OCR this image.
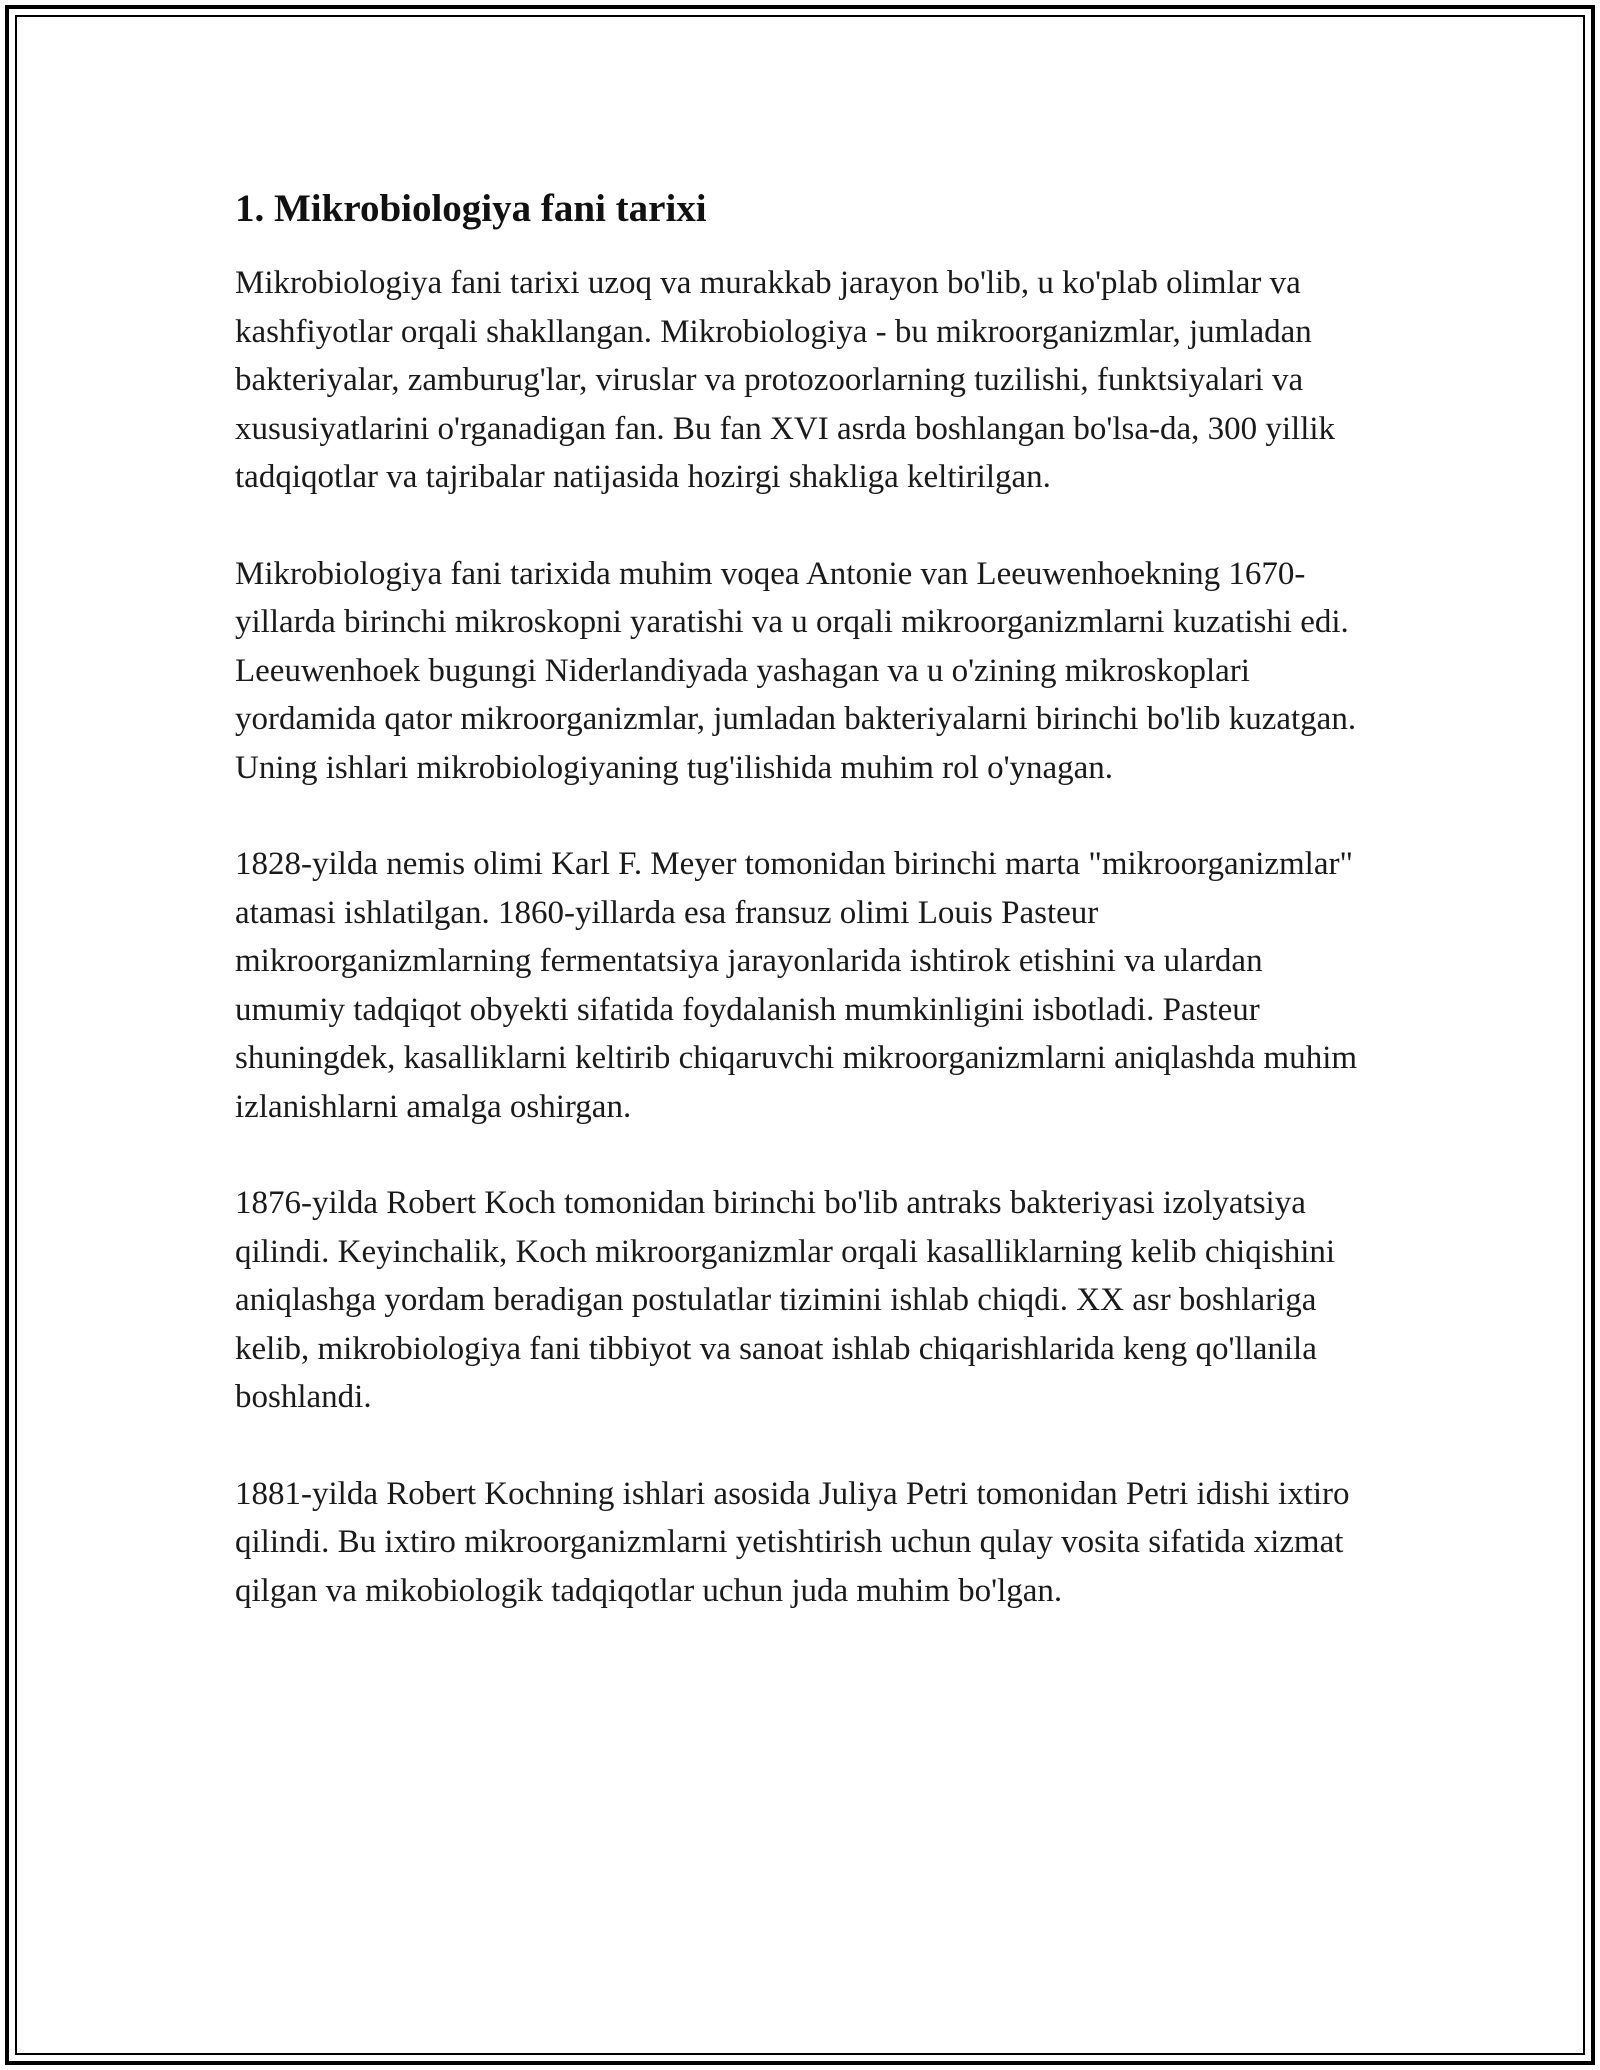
1. Mikrobiologiya fani tarixi

Mikrobiologiya fani tarixi uzoq va murakkab jarayon bo'lib, u ko'plab olimlar va kashfiyotlar orqali shakllangan. Mikrobiologiya - bu mikroorganizmlar, jumladan bakteriyalar, zamburug'lar, viruslar va protozoorlarning tuzilishi, funktsiyalari va xususiyatlarini o'rganadigan fan. Bu fan XVI asrda boshlangan bo'lsa-da, 300 yillik tadqiqotlar va tajribalar natijasida hozirgi shakliga keltirilgan.

Mikrobiologiya fani tarixida muhim voqea Antonie van Leeuwenhoekning 1670-yillarda birinchi mikroskopni yaratishi va u orqali mikroorganizmlarni kuzatishi edi. Leeuwenhoek bugungi Niderlandiyada yashagan va u o'zining mikroskoplari yordamida qator mikroorganizmlar, jumladan bakteriyalarni birinchi bo'lib kuzatgan. Uning ishlari mikrobiologiyaning tug'ilishida muhim rol o'ynagan.

1828-yilda nemis olimi Karl F. Meyer tomonidan birinchi marta "mikroorganizmlar" atamasi ishlatilgan. 1860-yillarda esa fransuz olimi Louis Pasteur mikroorganizmlarning fermentatsiya jarayonlarida ishtirok etishini va ulardan umumiy tadqiqot obyekti sifatida foydalanish mumkinligini isbotladi. Pasteur shuningdek, kasalliklarni keltirib chiqaruvchi mikroorganizmlarni aniqlashda muhim izlanishlarni amalga oshirgan.

1876-yilda Robert Koch tomonidan birinchi bo'lib antraks bakteriyasi izolyatsiya qilindi. Keyinchalik, Koch mikroorganizmlar orqali kasalliklarning kelib chiqishini aniqlashga yordam beradigan postulatlar tizimini ishlab chiqdi. XX asr boshlariga kelib, mikrobiologiya fani tibbiyot va sanoat ishlab chiqarishlarida keng qo'llanila boshlandi.

1881-yilda Robert Kochning ishlari asosida Juliya Petri tomonidan Petri idishi ixtiro qilindi. Bu ixtiro mikroorganizmlarni yetishtirish uchun qulay vosita sifatida xizmat qilgan va mikobiologik tadqiqotlar uchun juda muhim bo'lgan.
